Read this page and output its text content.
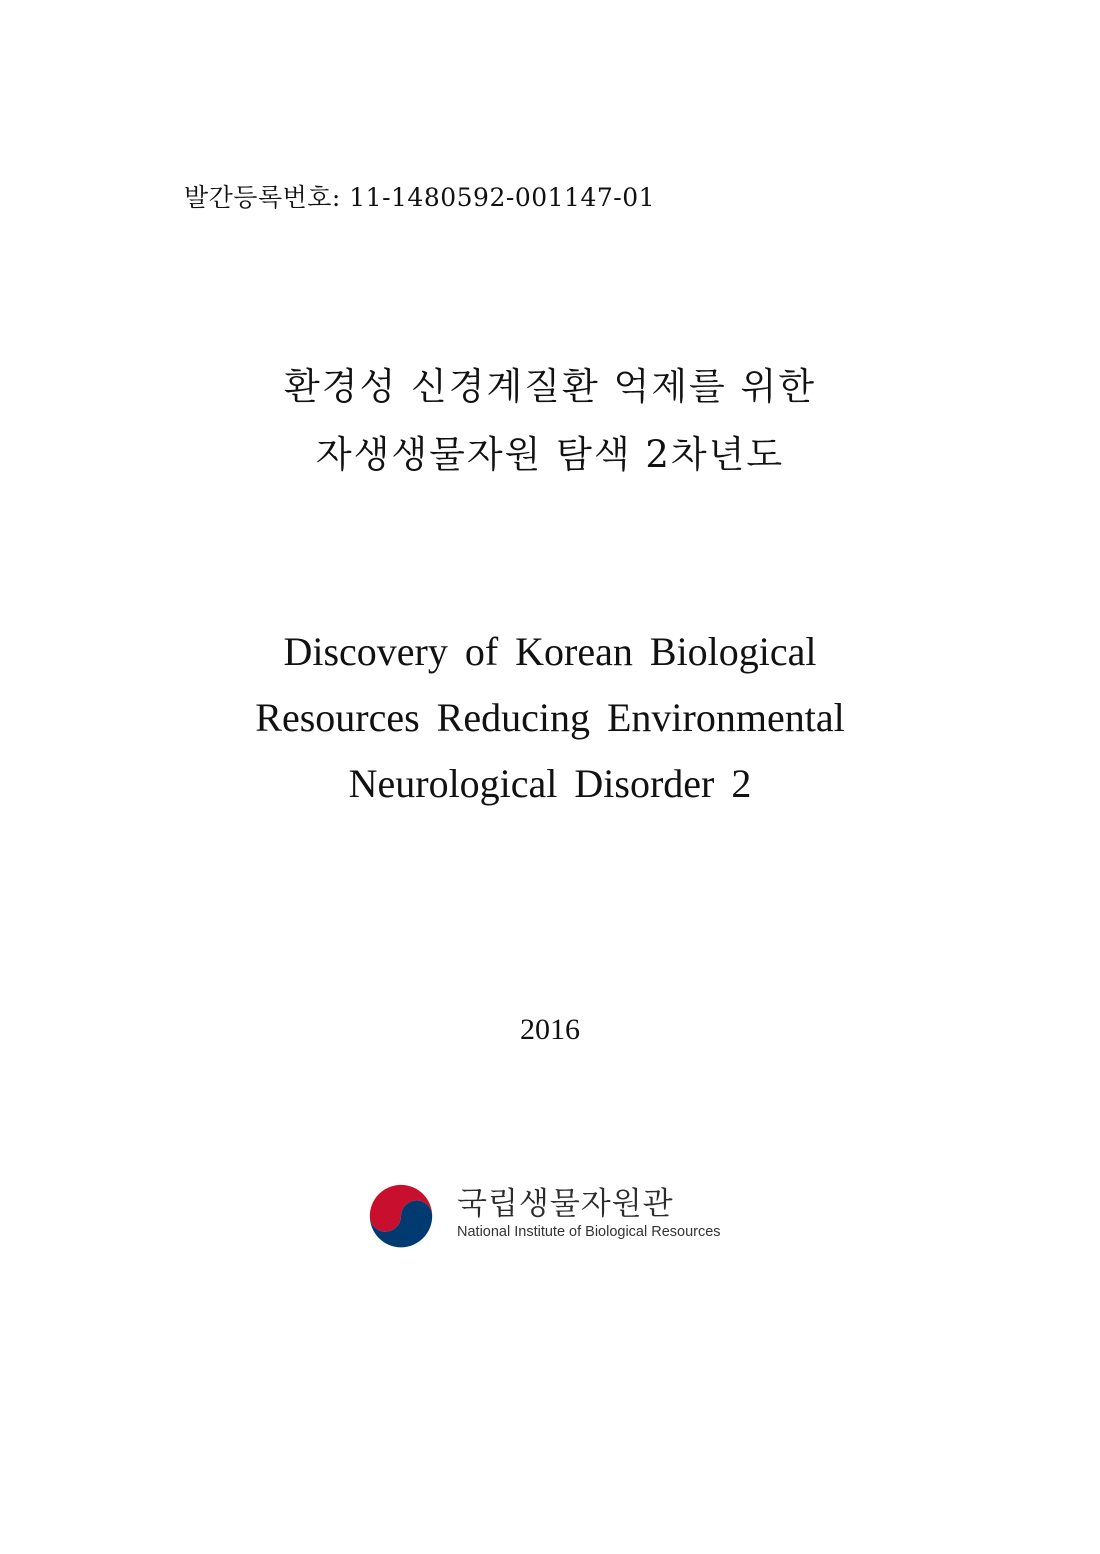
발간등록번호: 11-1480592-001147-01
환경성 신경계질환 억제를 위한
자생생물자원 탐색 2차년도
Discovery of Korean Biological
Resources Reducing Environmental
Neurological Disorder 2
2016
국립생물자원관
National Institute of Biological Resources
